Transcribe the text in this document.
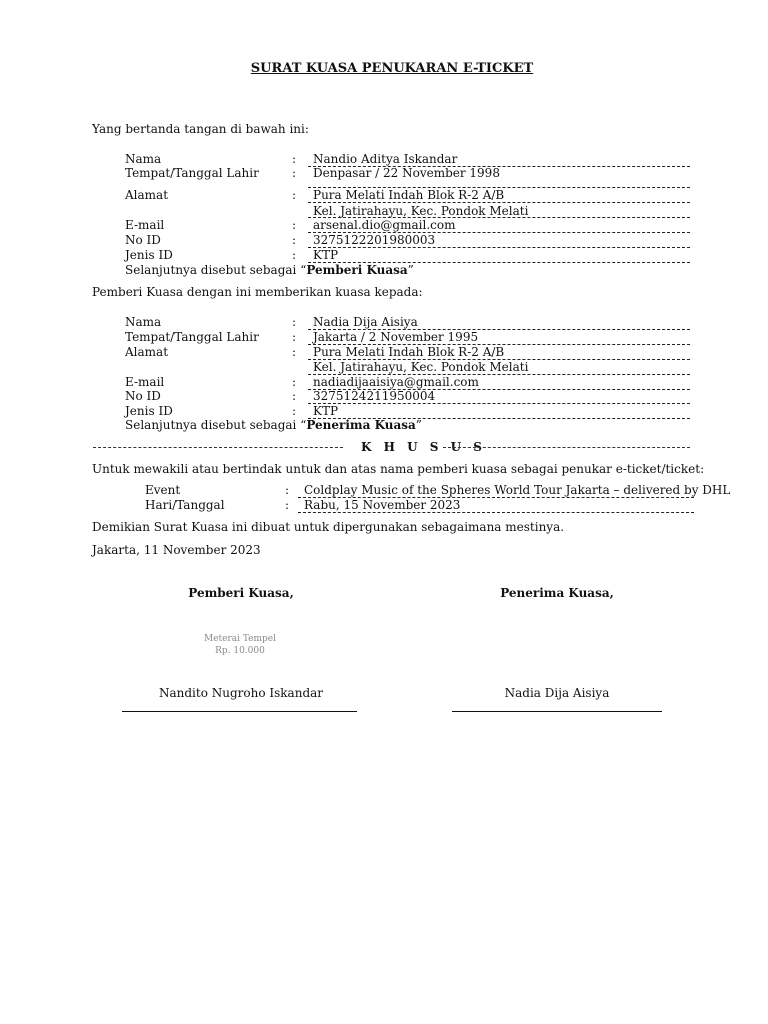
SURAT KUASA PENUKARAN E-TICKET
Yang bertanda tangan di bawah ini:
Nama	: Nandio Aditya Iskandar
Tempat/Tanggal Lahir	: Denpasar / 22 November 1998
Alamat	: Pura Melati Indah Blok R-2 A/B
Kel. Jatirahayu, Kec. Pondok Melati
E-mail	: arsenal.dio@gmail.com
No ID	: 3275122201980003
Jenis ID	: KTP
Selanjutnya disebut sebagai “Pemberi Kuasa”
Pemberi Kuasa dengan ini memberikan kuasa kepada:
Nama	: Nadia Dija Aisiya
Tempat/Tanggal Lahir	: Jakarta / 2 November 1995
Alamat	: Pura Melati Indah Blok R-2 A/B
Kel. Jatirahayu, Kec. Pondok Melati
E-mail	: nadiadijaaisiya@gmail.com
No ID	: 3275124211950004
Jenis ID	: KTP
Selanjutnya disebut sebagai “Penerima Kuasa”
K H U S U S
Untuk mewakili atau bertindak untuk dan atas nama pemberi kuasa sebagai penukar e-ticket/ticket:
Event	: Coldplay Music of the Spheres World Tour Jakarta – delivered by DHL
Hari/Tanggal	: Rabu, 15 November 2023
Demikian Surat Kuasa ini dibuat untuk dipergunakan sebagaimana mestinya.
Jakarta, 11 November 2023
Pemberi Kuasa,	Penerima Kuasa,
Meterai Tempel
Rp. 10.000
Nandito Nugroho Iskandar	Nadia Dija Aisiya
